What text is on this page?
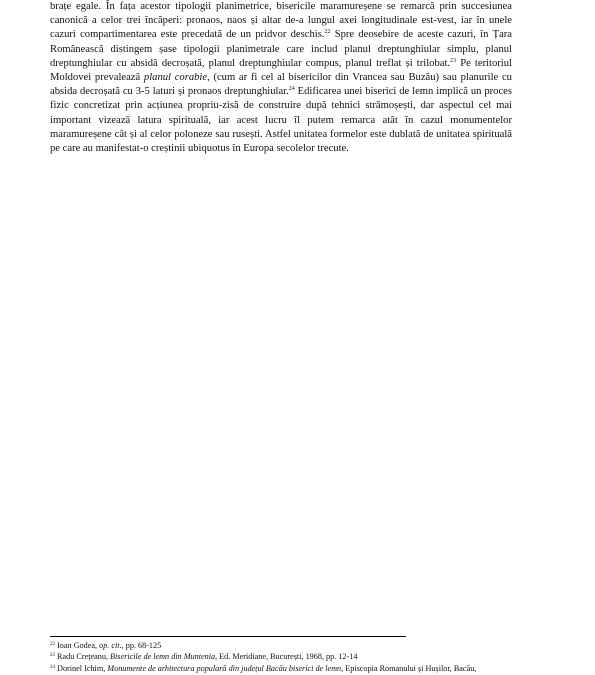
brațe egale. În fața acestor tipologii planimetrice, bisericile maramureșene se remarcă prin succesiunea canonică a celor trei încăperi: pronaos, naos și altar de-a lungul axei longitudinale est-vest, iar în unele cazuri compartimentarea este precedată de un pridvor deschis.$^{22}$ Spre deosebire de aceste cazuri, în Țara Românească distingem șase tipologii planimetrale care includ planul dreptunghiular simplu, planul dreptunghiular cu absidă decroșată, planul dreptunghiular compus, planul treflat și trilobat.$^{23}$ Pe teritoriul Moldovei prevalează planul corabie, (cum ar fi cel al bisericilor din Vrancea sau Buzău) sau planurile cu absida decroșată cu 3-5 laturi și pronaos dreptunghiular.$^{24}$ Edificarea unei biserici de lemn implică un proces fizic concretizat prin acțiunea propriu-zisă de construire după tehnici strămoșești, dar aspectul cel mai important vizează latura spirituală, iar acest lucru îl putem remarca atât în cazul monumentelor maramureșene cât și al celor poloneze sau rusești. Astfel unitatea formelor este dublată de unitatea spirituală pe care au manifestat-o creștinii ubiquotus în Europa secolelor trecute.

$^{22}$ Ioan Godea, op. cit., pp. 68-125
$^{23}$ Radu Crețeanu, Bisericile de lemn din Muntenia, Ed. Meridiane, București, 1968, pp. 12-14
$^{24}$ Dorinel Ichim, Monumente de arhitectura populară din județul Bacău biserici de lemn, Episcopia Romanului și Hușilor, Bacău,
